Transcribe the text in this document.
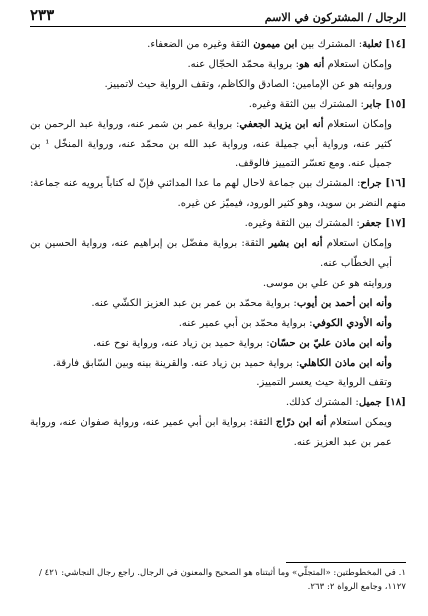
الرجال / المشتركون في الاسم
٢٣٣

[١٤] ثعلبة: المشترك بين ابن ميمون الثقة وغيره من الضعفاء.

وإمكان استعلام أنه هو: برواية محمّد الحجّال عنه.

وروايته هو عن الإمامين: الصادق والكاظم، وتقف الرواية حيث لاتمييز.

[١٥] جابر: المشترك بين الثقة وغيره.

وإمكان استعلام أنه ابن يزيد الجعفي: برواية عمر بن شمر عنه، ورواية عبد الرحمن بن كثير عنه، ورواية أبي جميلة عنه، ورواية عبد الله بن محمّد عنه، ورواية المنخّل ¹ بن جميل عنه. ومع تعسّر التمييز فالوقف.

[١٦] جراح: المشترك بين جماعة لاحال لهم ما عدا المدائني فإنّ له كتاباً يرويه عنه جماعة: منهم النضر بن سويد، وهو كثير الورود، فيميّز عن غيره.

[١٧] جعفر: المشترك بين الثقة وغيره.

وإمكان استعلام أنه ابن بشير الثقة: برواية مفضّل بن إبراهيم عنه، ورواية الحسين بن أبي الخطّاب عنه.

وروايته هو عن علي بن موسى.

وأنه ابن أحمد بن أيوب: برواية محمّد بن عمر بن عبد العزيز الكشّي عنه.

وأنه الأودي الكوفي: برواية محمّد بن أبي عمير عنه.

وأنه ابن ماذن عليّ بن حسّان: برواية حميد بن زياد عنه، ورواية نوح عنه.

وأنه ابن ماذن الكاهلي: برواية حميد بن زياد عنه. والقرينة بينه وبين السّابق فارقة.

وتقف الرواية حيث يعسر التمييز.

[١٨] جميل: المشترك كذلك.

ويمكن استعلام أنه ابن درّاج الثقة: برواية ابن أبي عمير عنه، ورواية صفوان عنه، ورواية عمر بن عبد العزيز عنه.

١. في المخطوطتين: «المتجلّي» وما أثبتناه هو الصحيح والمعنون في الرجال. راجع رجال النجاشي: ٤٢١ / ١١٢٧، وجامع الرواة ٢: ٢٦٣.
